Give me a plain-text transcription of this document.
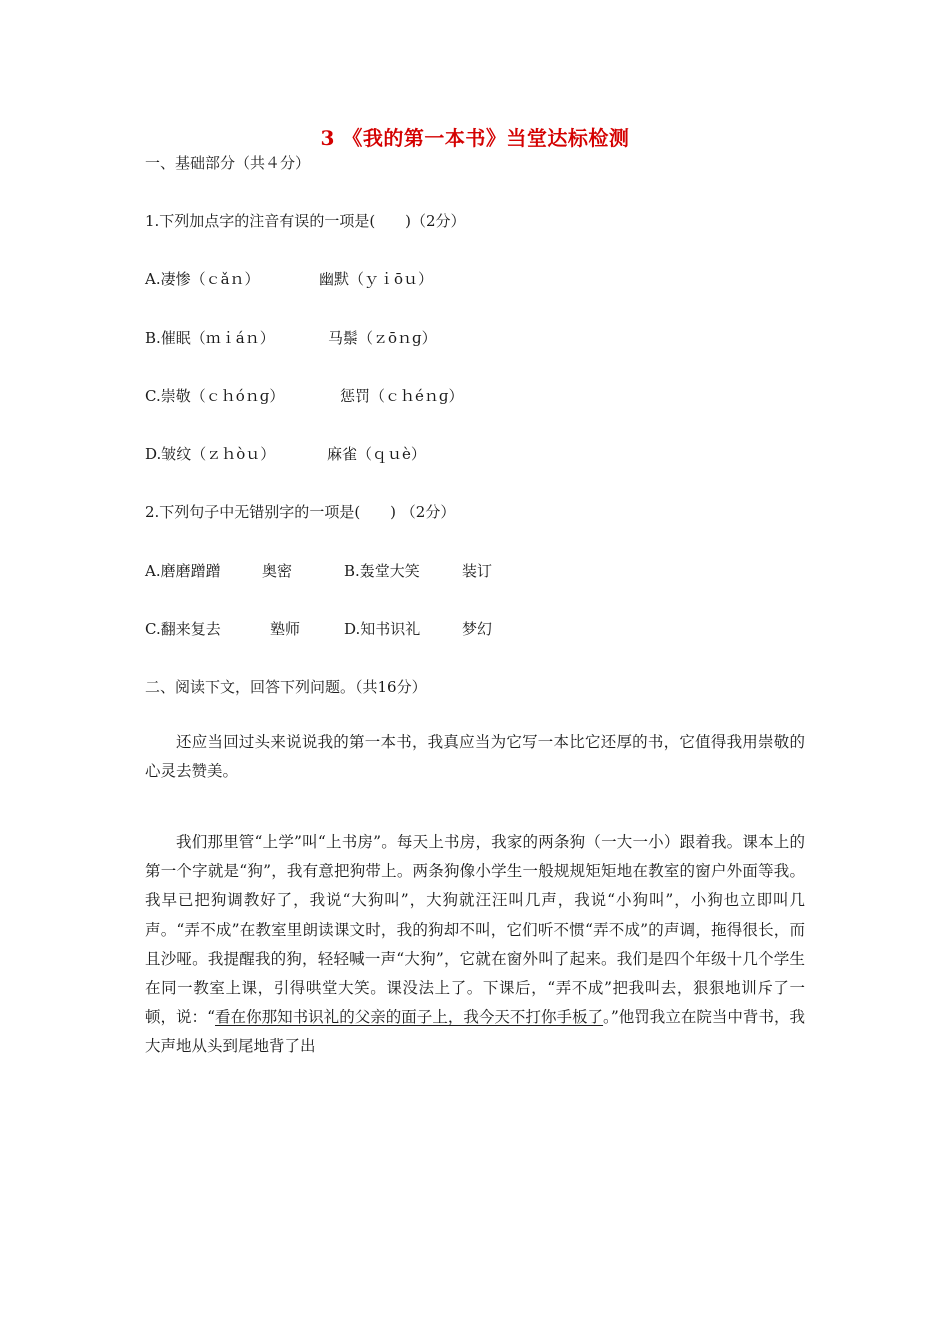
3 《我的第一本书》当堂达标检测
一、基础部分（共４分）
1.下列加点字的注音有误的一项是(　　)（2分）
A.凄惨（ｃǎｎ）	幽默（ｙｉōｕ）
B.催眠（ｍｉáｎ）	马鬃（ｚōｎɡ）
C.崇敬（ｃｈóｎɡ）	惩罚（ｃｈéｎɡ）
D.皱纹（ｚｈòｕ）	麻雀（ｑｕè）
2.下列句子中无错别字的一项是(　　) （2分）
A.磨磨蹭蹭	奥密	B.轰堂大笑	装订
C.翻来复去	塾师	D.知书识礼	梦幻
二、阅读下文，回答下列问题。（共16分）

还应当回过头来说说我的第一本书，我真应当为它写一本比它还厚的书，它值得我用崇敬的心灵去赞美。

我们那里管“上学”叫“上书房”。每天上书房，我家的两条狗（一大一小）跟着我。课本上的第一个字就是“狗”，我有意把狗带上。两条狗像小学生一般规规矩矩地在教室的窗户外面等我。我早已把狗调教好了，我说“大狗叫”，大狗就汪汪叫几声，我说“小狗叫”，小狗也立即叫几声。“弄不成”在教室里朗读课文时，我的狗却不叫，它们听不惯“弄不成”的声调，拖得很长，而且沙哑。我提醒我的狗，轻轻喊一声“大狗”，它就在窗外叫了起来。我们是四个年级十几个学生在同一教室上课，引得哄堂大笑。课没法上了。下课后，“弄不成”把我叫去，狠狠地训斥了一顿，说：“看在你那知书识礼的父亲的面子上，我今天不打你手板了。”他罚我立在院当中背书，我大声地从头到尾地背了出
